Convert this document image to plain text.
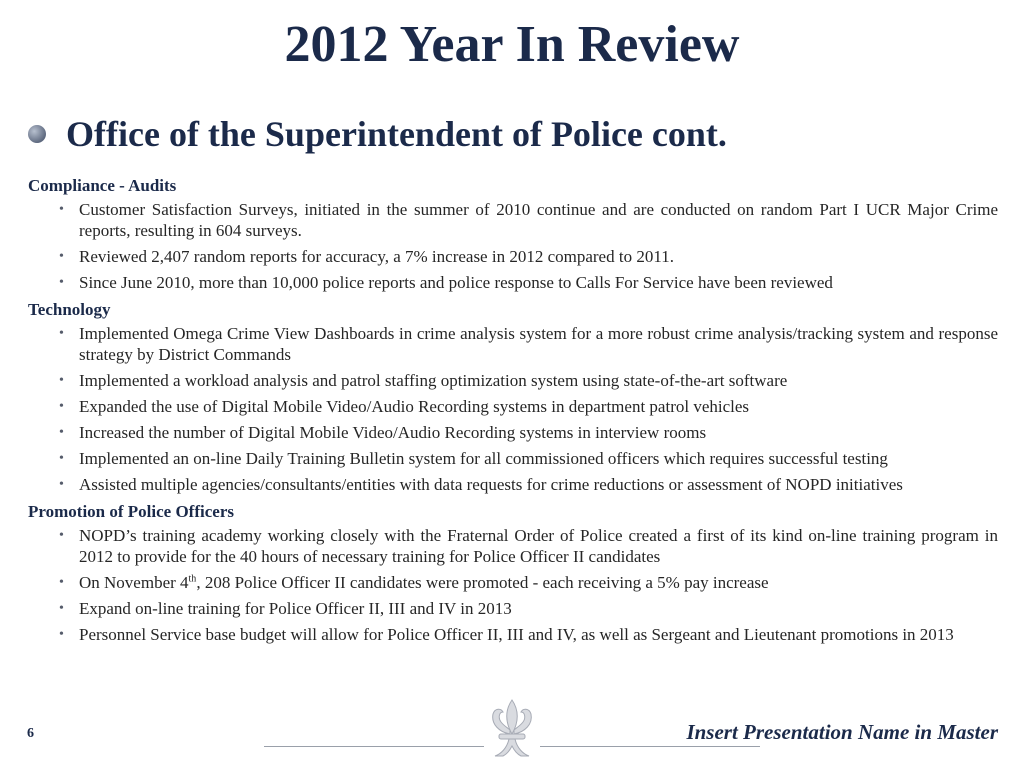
2012 Year In Review
Office of the Superintendent of Police cont.
Compliance - Audits
• Customer Satisfaction Surveys, initiated in the summer of 2010 continue and are conducted on random Part I UCR Major Crime reports, resulting in 604 surveys.
• Reviewed 2,407 random reports for accuracy, a 7% increase in 2012 compared to 2011.
• Since June 2010, more than 10,000 police reports and police response to Calls For Service have been reviewed
Technology
• Implemented Omega Crime View Dashboards in crime analysis system for a more robust crime analysis/tracking system and response strategy by District Commands
• Implemented a workload analysis and patrol staffing optimization system using state-of-the-art software
• Expanded the use of Digital Mobile Video/Audio Recording systems in department patrol vehicles
• Increased the number of Digital Mobile Video/Audio Recording systems in interview rooms
• Implemented an on-line Daily Training Bulletin system for all commissioned officers which requires successful testing
• Assisted multiple agencies/consultants/entities with data requests for crime reductions or assessment of NOPD initiatives
Promotion of Police Officers
• NOPD’s training academy working closely with the Fraternal Order of Police created a first of its kind on-line training program in 2012 to provide for the 40 hours of necessary training for Police Officer II candidates
• On November 4th, 208 Police Officer II candidates were promoted - each receiving a 5% pay increase
• Expand on-line training for Police Officer II, III and IV in 2013
• Personnel Service base budget will allow for Police Officer II, III and IV, as well as Sergeant and Lieutenant promotions in 2013
6	Insert Presentation Name in Master
